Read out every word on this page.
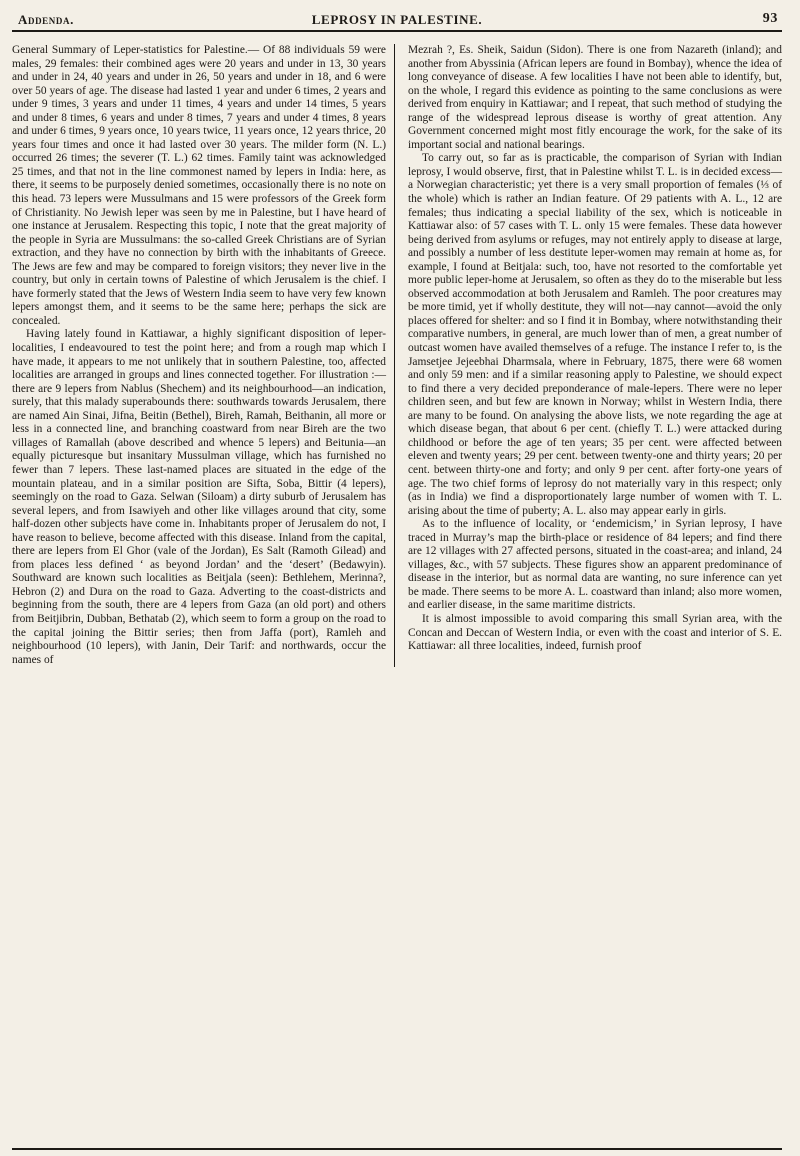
Addenda.	LEPROSY IN PALESTINE.	93

General Summary of Leper-statistics for Palestine.— Of 88 individuals 59 were males, 29 females: their combined ages were 20 years and under in 13, 30 years and under in 24, 40 years and under in 26, 50 years and under in 18, and 6 were over 50 years of age. The disease had lasted 1 year and under 6 times, 2 years and under 9 times, 3 years and under 11 times, 4 years and under 14 times, 5 years and under 8 times, 6 years and under 8 times, 7 years and under 4 times, 8 years and under 6 times, 9 years once, 10 years twice, 11 years once, 12 years thrice, 20 years four times and once it had lasted over 30 years. The milder form (N. L.) occurred 26 times; the severer (T. L.) 62 times. Family taint was acknowledged 25 times, and that not in the line commonest named by lepers in India: here, as there, it seems to be purposely denied sometimes, occasionally there is no note on this head. 73 lepers were Mussulmans and 15 were professors of the Greek form of Christianity. No Jewish leper was seen by me in Palestine, but I have heard of one instance at Jerusalem. Respecting this topic, I note that the great majority of the people in Syria are Mussulmans: the so-called Greek Christians are of Syrian extraction, and they have no connection by birth with the inhabitants of Greece. The Jews are few and may be compared to foreign visitors; they never live in the country, but only in certain towns of Palestine of which Jerusalem is the chief. I have formerly stated that the Jews of Western India seem to have very few known lepers amongst them, and it seems to be the same here; perhaps the sick are concealed.

Having lately found in Kattiawar, a highly significant disposition of leper-localities, I endeavoured to test the point here; and from a rough map which I have made, it appears to me not unlikely that in southern Palestine, too, affected localities are arranged in groups and lines connected together. For illustration :—there are 9 lepers from Nablus (Shechem) and its neighbourhood—an indication, surely, that this malady superabounds there: southwards towards Jerusalem, there are named Ain Sinai, Jifna, Beitin (Bethel), Bireh, Ramah, Beithanin, all more or less in a connected line, and branching coastward from near Bireh are the two villages of Ramallah (above described and whence 5 lepers) and Beitunia—an equally picturesque but insanitary Mussulman village, which has furnished no fewer than 7 lepers. These last-named places are situated in the edge of the mountain plateau, and in a similar position are Sifta, Soba, Bittir (4 lepers), seemingly on the road to Gaza. Selwan (Siloam) a dirty suburb of Jerusalem has several lepers, and from Isawiyeh and other like villages around that city, some half-dozen other subjects have come in. Inhabitants proper of Jerusalem do not, I have reason to believe, become affected with this disease. Inland from the capital, there are lepers from El Ghor (vale of the Jordan), Es Salt (Ramoth Gilead) and from places less defined ‘ as beyond Jordan’ and the ‘desert’ (Bedawyin). Southward are known such localities as Beitjala (seen): Bethlehem, Merinna?, Hebron (2) and Dura on the road to Gaza. Adverting to the coast-districts and beginning from the south, there are 4 lepers from Gaza (an old port) and others from Beitjibrin, Dubban, Bethatab (2), which seem to form a group on the road to the capital joining the Bittir series; then from Jaffa (port), Ramleh and neighbourhood (10 lepers), with Janin, Deir Tarif: and northwards, occur the names of

Mezrah ?, Es. Sheik, Saidun (Sidon). There is one from Nazareth (inland); and another from Abyssinia (African lepers are found in Bombay), whence the idea of long conveyance of disease. A few localities I have not been able to identify, but, on the whole, I regard this evidence as pointing to the same conclusions as were derived from enquiry in Kattiawar; and I repeat, that such method of studying the range of the widespread leprous disease is worthy of great attention. Any Government concerned might most fitly encourage the work, for the sake of its important social and national bearings.

To carry out, so far as is practicable, the comparison of Syrian with Indian leprosy, I would observe, first, that in Palestine whilst T. L. is in decided excess—a Norwegian characteristic; yet there is a very small proportion of females (⅓ of the whole) which is rather an Indian feature. Of 29 patients with A. L., 12 are females; thus indicating a special liability of the sex, which is noticeable in Kattiawar also: of 57 cases with T. L. only 15 were females. These data however being derived from asylums or refuges, may not entirely apply to disease at large, and possibly a number of less destitute leper-women may remain at home as, for example, I found at Beitjala: such, too, have not resorted to the comfortable yet more public leper-home at Jerusalem, so often as they do to the miserable but less observed accommodation at both Jerusalem and Ramleh. The poor creatures may be more timid, yet if wholly destitute, they will not—nay cannot—avoid the only places offered for shelter: and so I find it in Bombay, where notwithstanding their comparative numbers, in general, are much lower than of men, a great number of outcast women have availed themselves of a refuge. The instance I refer to, is the Jamsetjee Jejeebhai Dharmsala, where in February, 1875, there were 68 women and only 59 men: and if a similar reasoning apply to Palestine, we should expect to find there a very decided preponderance of male-lepers. There were no leper children seen, and but few are known in Norway; whilst in Western India, there are many to be found. On analysing the above lists, we note regarding the age at which disease began, that about 6 per cent. (chiefly T. L.) were attacked during childhood or before the age of ten years; 35 per cent. were affected between eleven and twenty years; 29 per cent. between twenty-one and thirty years; 20 per cent. between thirty-one and forty; and only 9 per cent. after forty-one years of age. The two chief forms of leprosy do not materially vary in this respect; only (as in India) we find a disproportionately large number of women with T. L. arising about the time of puberty; A. L. also may appear early in girls.

As to the influence of locality, or ‘endemicism,’ in Syrian leprosy, I have traced in Murray’s map the birth-place or residence of 84 lepers; and find there are 12 villages with 27 affected persons, situated in the coast-area; and inland, 24 villages, &c., with 57 subjects. These figures show an apparent predominance of disease in the interior, but as normal data are wanting, no sure inference can yet be made. There seems to be more A. L. coastward than inland; also more women, and earlier disease, in the same maritime districts.

It is almost impossible to avoid comparing this small Syrian area, with the Concan and Deccan of Western India, or even with the coast and interior of S. E. Kattiawar: all three localities, indeed, furnish proof
